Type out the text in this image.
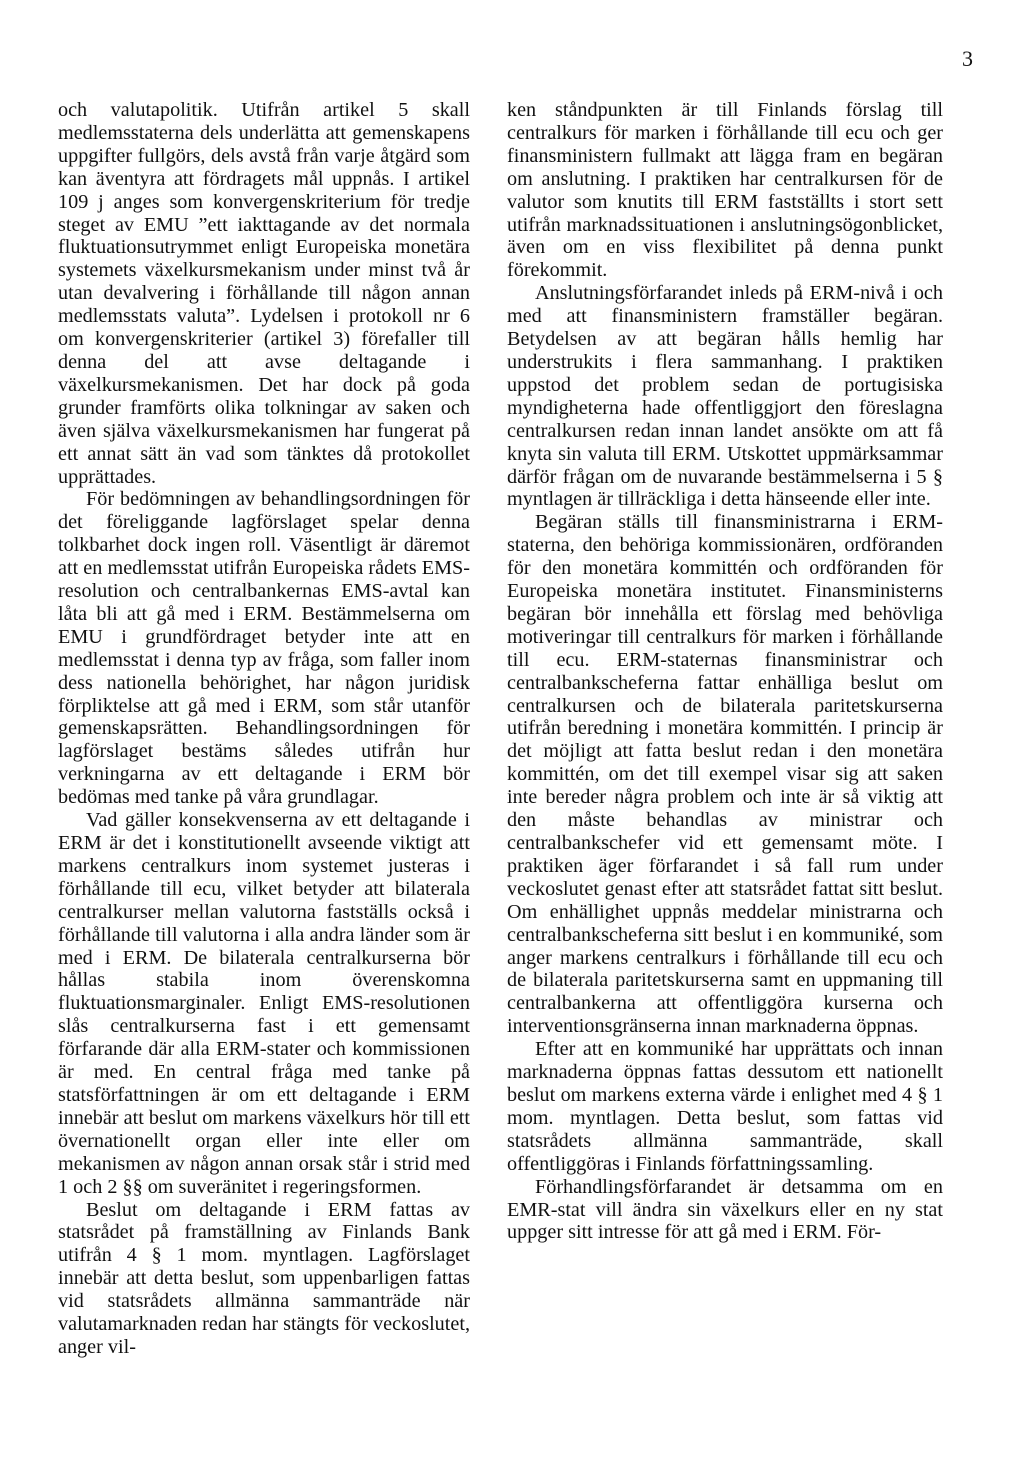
3

och valutapolitik. Utifrån artikel 5 skall medlemsstaterna dels underlätta att gemenskapens uppgifter fullgörs, dels avstå från varje åtgärd som kan äventyra att fördragets mål uppnås. I artikel 109 j anges som konvergenskriterium för tredje steget av EMU ”ett iakttagande av det normala fluktuationsutrymmet enligt Europeiska monetära systemets växelkursmekanism under minst två år utan devalvering i förhållande till någon annan medlemsstats valuta”. Lydelsen i protokoll nr 6 om konvergenskriterier (artikel 3) förefaller till denna del att avse deltagande i växelkursmekanismen. Det har dock på goda grunder framförts olika tolkningar av saken och även själva växelkursmekanismen har fungerat på ett annat sätt än vad som tänktes då protokollet upprättades.

För bedömningen av behandlingsordningen för det föreliggande lagförslaget spelar denna tolkbarhet dock ingen roll. Väsentligt är däremot att en medlemsstat utifrån Europeiska rådets EMS-resolution och centralbankernas EMS-avtal kan låta bli att gå med i ERM. Bestämmelserna om EMU i grundfördraget betyder inte att en medlemsstat i denna typ av fråga, som faller inom dess nationella behörighet, har någon juridisk förpliktelse att gå med i ERM, som står utanför gemenskapsrätten. Behandlingsordningen för lagförslaget bestäms således utifrån hur verkningarna av ett deltagande i ERM bör bedömas med tanke på våra grundlagar.

Vad gäller konsekvenserna av ett deltagande i ERM är det i konstitutionellt avseende viktigt att markens centralkurs inom systemet justeras i förhållande till ecu, vilket betyder att bilaterala centralkurser mellan valutorna fastställs också i förhållande till valutorna i alla andra länder som är med i ERM. De bilaterala centralkurserna bör hållas stabila inom överenskomna fluktuationsmarginaler. Enligt EMS-resolutionen slås centralkurserna fast i ett gemensamt förfarande där alla ERM-stater och kommissionen är med. En central fråga med tanke på statsförfattningen är om ett deltagande i ERM innebär att beslut om markens växelkurs hör till ett övernationellt organ eller inte eller om mekanismen av någon annan orsak står i strid med 1 och 2 §§ om suveränitet i regeringsformen.

Beslut om deltagande i ERM fattas av statsrådet på framställning av Finlands Bank utifrån 4 § 1 mom. myntlagen. Lagförslaget innebär att detta beslut, som uppenbarligen fattas vid statsrådets allmänna sammanträde när valutamarknaden redan har stängts för veckoslutet, anger vil-

ken ståndpunkten är till Finlands förslag till centralkurs för marken i förhållande till ecu och ger finansministern fullmakt att lägga fram en begäran om anslutning. I praktiken har centralkursen för de valutor som knutits till ERM fastställts i stort sett utifrån marknadssituationen i anslutningsögonblicket, även om en viss flexibilitet på denna punkt förekommit.

Anslutningsförfarandet inleds på ERM-nivå i och med att finansministern framställer begäran. Betydelsen av att begäran hålls hemlig har understrukits i flera sammanhang. I praktiken uppstod det problem sedan de portugisiska myndigheterna hade offentliggjort den föreslagna centralkursen redan innan landet ansökte om att få knyta sin valuta till ERM. Utskottet uppmärksammar därför frågan om de nuvarande bestämmelserna i 5 § myntlagen är tillräckliga i detta hänseende eller inte.

Begäran ställs till finansministrarna i ERM-staterna, den behöriga kommissionären, ordföranden för den monetära kommittén och ordföranden för Europeiska monetära institutet. Finansministerns begäran bör innehålla ett förslag med behövliga motiveringar till centralkurs för marken i förhållande till ecu. ERM-staternas finansministrar och centralbankscheferna fattar enhälliga beslut om centralkursen och de bilaterala paritetskurserna utifrån beredning i monetära kommittén. I princip är det möjligt att fatta beslut redan i den monetära kommittén, om det till exempel visar sig att saken inte bereder några problem och inte är så viktig att den måste behandlas av ministrar och centralbankschefer vid ett gemensamt möte. I praktiken äger förfarandet i så fall rum under veckoslutet genast efter att statsrådet fattat sitt beslut. Om enhällighet uppnås meddelar ministrarna och centralbankscheferna sitt beslut i en kommuniké, som anger markens centralkurs i förhållande till ecu och de bilaterala paritetskurserna samt en uppmaning till centralbankerna att offentliggöra kurserna och interventionsgränserna innan marknaderna öppnas.

Efter att en kommuniké har upprättats och innan marknaderna öppnas fattas dessutom ett nationellt beslut om markens externa värde i enlighet med 4 § 1 mom. myntlagen. Detta beslut, som fattas vid statsrådets allmänna sammanträde, skall offentliggöras i Finlands författningssamling.

Förhandlingsförfarandet är detsamma om en EMR-stat vill ändra sin växelkurs eller en ny stat uppger sitt intresse för att gå med i ERM. För-
